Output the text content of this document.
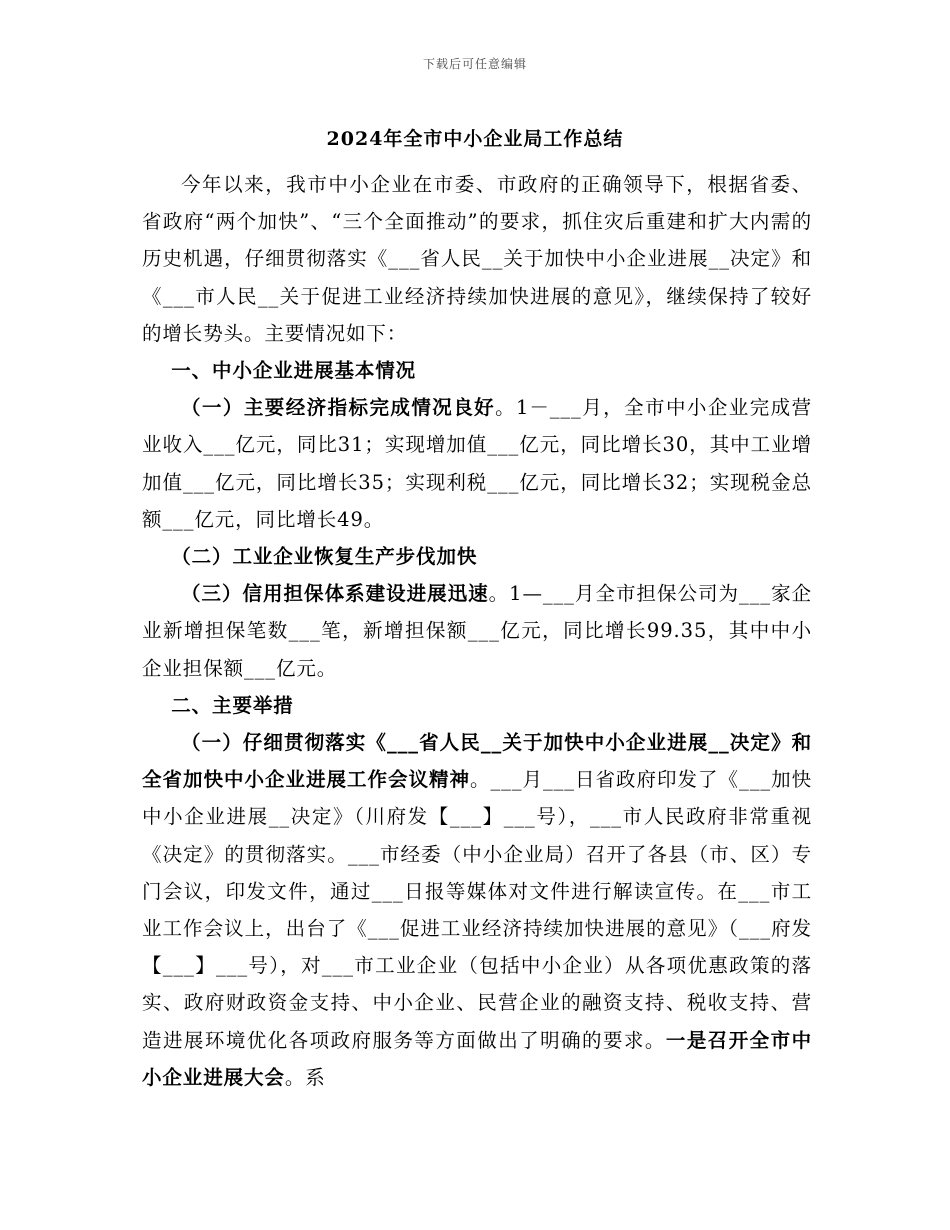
下载后可任意编辑
2024年全市中小企业局工作总结

今年以来，我市中小企业在市委、市政府的正确领导下，根据省委、省政府“两个加快”、“三个全面推动”的要求，抓住灾后重建和扩大内需的历史机遇，仔细贯彻落实《___省人民__关于加快中小企业进展__决定》和《___市人民__关于促进工业经济持续加快进展的意见》，继续保持了较好的增长势头。主要情况如下：

一、中小企业进展基本情况

（一）主要经济指标完成情况良好。1－___月，全市中小企业完成营业收入___亿元，同比31；实现增加值___亿元，同比增长30，其中工业增加值___亿元，同比增长35；实现利税___亿元，同比增长32；实现税金总额___亿元，同比增长49。

（二）工业企业恢复生产步伐加快

（三）信用担保体系建设进展迅速。1—___月全市担保公司为___家企业新增担保笔数___笔，新增担保额___亿元，同比增长99.35，其中中小企业担保额___亿元。

二、主要举措

（一）仔细贯彻落实《___省人民__关于加快中小企业进展__决定》和全省加快中小企业进展工作会议精神。___月___日省政府印发了《___加快中小企业进展__决定》（川府发【___】___号），___市人民政府非常重视《决定》的贯彻落实。___市经委（中小企业局）召开了各县（市、区）专门会议，印发文件，通过___日报等媒体对文件进行解读宣传。在___市工业工作会议上，出台了《___促进工业经济持续加快进展的意见》（___府发【___】___号），对___市工业企业（包括中小企业）从各项优惠政策的落实、政府财政资金支持、中小企业、民营企业的融资支持、税收支持、营造进展环境优化各项政府服务等方面做出了明确的要求。一是召开全市中小企业进展大会。系
